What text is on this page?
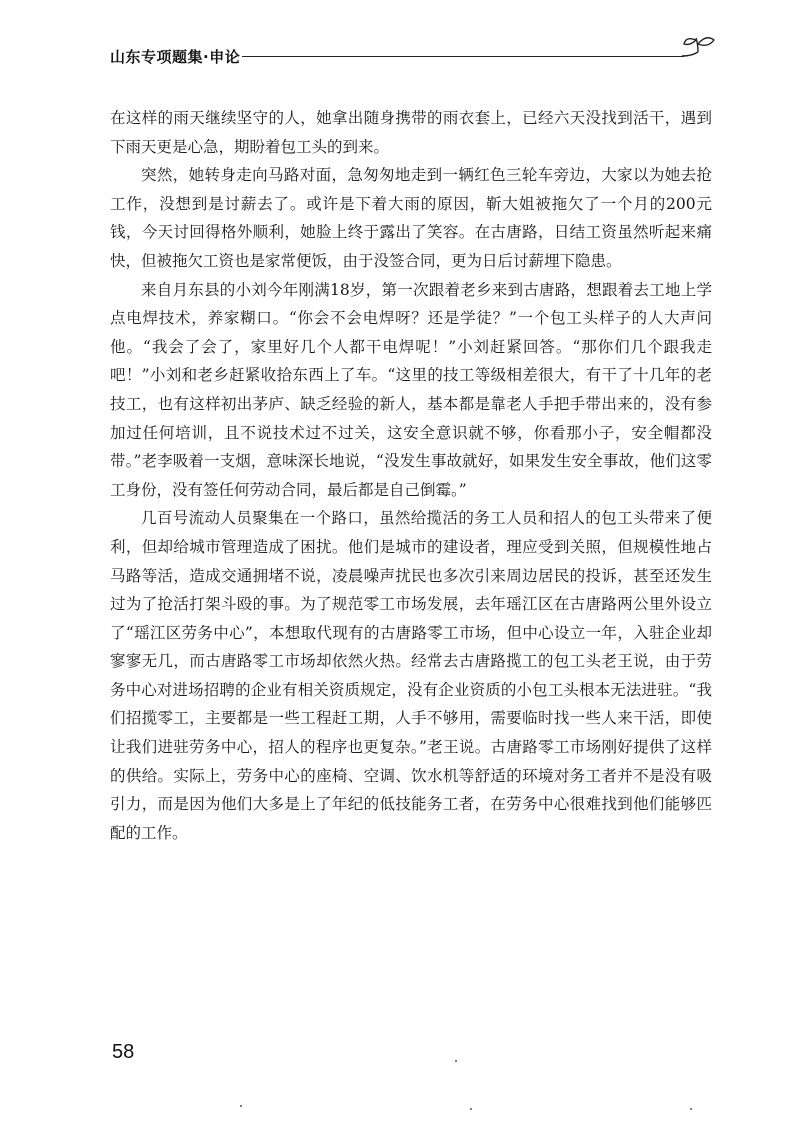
山东专项题集·申论

在这样的雨天继续坚守的人，她拿出随身携带的雨衣套上，已经六天没找到活干，遇到下雨天更是心急，期盼着包工头的到来。

突然，她转身走向马路对面，急匆匆地走到一辆红色三轮车旁边，大家以为她去抢工作，没想到是讨薪去了。或许是下着大雨的原因，靳大姐被拖欠了一个月的200元钱，今天讨回得格外顺利，她脸上终于露出了笑容。在古唐路，日结工资虽然听起来痛快，但被拖欠工资也是家常便饭，由于没签合同，更为日后讨薪埋下隐患。

来自月东县的小刘今年刚满18岁，第一次跟着老乡来到古唐路，想跟着去工地上学点电焊技术，养家糊口。“你会不会电焊呀？还是学徒？”一个包工头样子的人大声问他。“我会了会了，家里好几个人都干电焊呢！”小刘赶紧回答。“那你们几个跟我走吧！”小刘和老乡赶紧收拾东西上了车。“这里的技工等级相差很大，有干了十几年的老技工，也有这样初出茅庐、缺乏经验的新人，基本都是靠老人手把手带出来的，没有参加过任何培训，且不说技术过不过关，这安全意识就不够，你看那小子，安全帽都没带。”老李吸着一支烟，意味深长地说，“没发生事故就好，如果发生安全事故，他们这零工身份，没有签任何劳动合同，最后都是自己倒霉。”

几百号流动人员聚集在一个路口，虽然给揽活的务工人员和招人的包工头带来了便利，但却给城市管理造成了困扰。他们是城市的建设者，理应受到关照，但规模性地占马路等活，造成交通拥堵不说，凌晨噪声扰民也多次引来周边居民的投诉，甚至还发生过为了抢活打架斗殴的事。为了规范零工市场发展，去年瑶江区在古唐路两公里外设立了“瑶江区劳务中心”，本想取代现有的古唐路零工市场，但中心设立一年，入驻企业却寥寥无几，而古唐路零工市场却依然火热。经常去古唐路揽工的包工头老王说，由于劳务中心对进场招聘的企业有相关资质规定，没有企业资质的小包工头根本无法进驻。“我们招揽零工，主要都是一些工程赶工期，人手不够用，需要临时找一些人来干活，即使让我们进驻劳务中心，招人的程序也更复杂。”老王说。古唐路零工市场刚好提供了这样的供给。实际上，劳务中心的座椅、空调、饮水机等舒适的环境对务工者并不是没有吸引力，而是因为他们大多是上了年纪的低技能务工者，在劳务中心很难找到他们能够匹配的工作。

58
